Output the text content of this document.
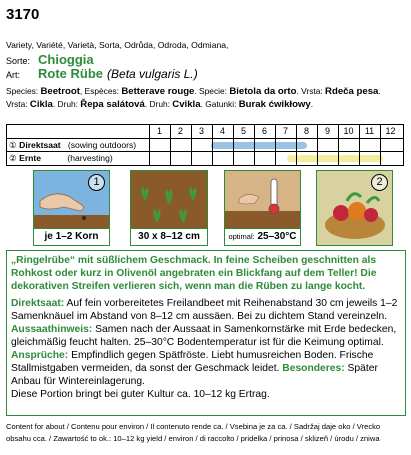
3170
Variety, Variété, Varietà, Sorta, Odrůda, Odroda, Odmiana,
Sorte: Chioggia
Art: Rote Rübe (Beta vulgaris L.)
Species: Beetroot, Espèces: Betterave rouge. Specie: Bietola da orto. Vrsta: Rdeča pesa.
Vrsta: Cikla. Druh: Řepa salátová. Druh: Cvikla. Gatunki: Burak ćwikłowy.
1	2	3	4	5	6	7	8	9	10	11	12
① Direktsaat (sowing outdoors)
② Ernte	(harvesting)
1
je 1–2 Korn	30 x 8–12 cm	optimal: 25–30°C
2
„Ringelrübe“ mit süßlichem Geschmack. In feine Scheiben geschnitten als Rohkost oder kurz in Olivenöl angebraten ein Blickfang auf dem Teller! Die dekorativen Streifen verlieren sich, wenn man die Rüben zu lange kocht.
Direktsaat: Auf fein vorbereitetes Freilandbeet mit Reihenabstand 30 cm jeweils 1–2 Samenknäuel im Abstand von 8–12 cm aussäen. Bei zu dichtem Stand vereinzeln. Aussaathinweis: Samen nach der Aussaat in Samenkornstärke mit Erde bedecken, gleichmäßig feucht halten. 25–30°C Bodentemperatur ist für die Keimung optimal. Ansprüche: Empfindlich gegen Spätfröste. Liebt humusreichen Boden. Frische Stallmistgaben vermeiden, da sonst der Geschmack leidet. Besonderes: Später Anbau für Wintereinlagerung.
Diese Portion bringt bei guter Kultur ca. 10–12 kg Ertrag.
Content for about / Contenu pour environ / Il contenuto rende ca. / Vsebina je za ca. / Sadržaj daje oko / Vrecko
obsahu cca. / Zawartość to ok.: 10–12 kg yield / environ / di raccolto / pridelka / prinosa / sklizeň / úrodu / zniwa
